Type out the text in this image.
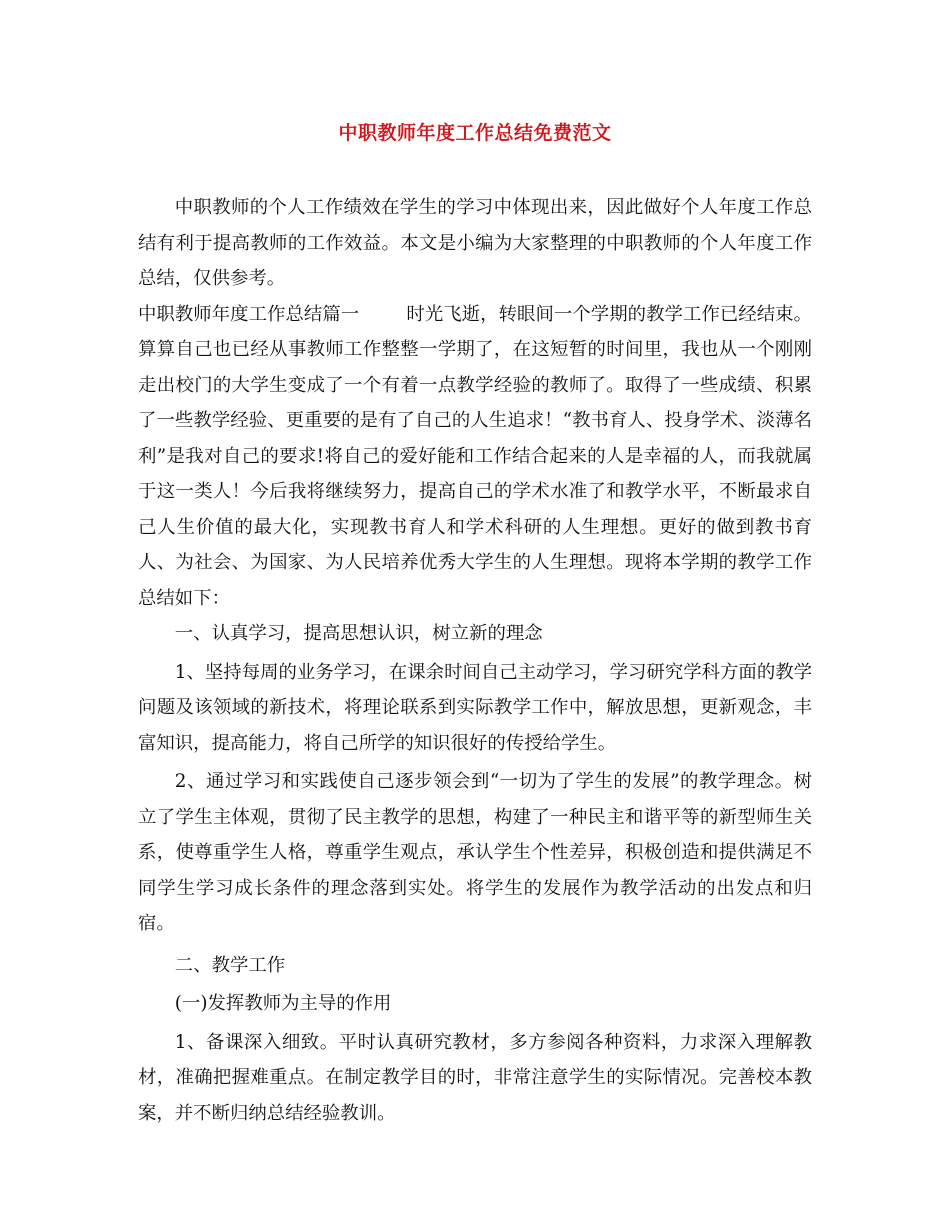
中职教师年度工作总结免费范文

中职教师的个人工作绩效在学生的学习中体现出来，因此做好个人年度工作总结有利于提高教师的工作效益。本文是小编为大家整理的中职教师的个人年度工作总结，仅供参考。

中职教师年度工作总结篇一	时光飞逝，转眼间一个学期的教学工作已经结束。算算自己也已经从事教师工作整整一学期了，在这短暂的时间里，我也从一个刚刚走出校门的大学生变成了一个有着一点教学经验的教师了。取得了一些成绩、积累了一些教学经验、更重要的是有了自己的人生追求！“教书育人、投身学术、淡薄名利”是我对自己的要求!将自己的爱好能和工作结合起来的人是幸福的人，而我就属于这一类人！今后我将继续努力，提高自己的学术水准了和教学水平，不断最求自己人生价值的最大化，实现教书育人和学术科研的人生理想。更好的做到教书育人、为社会、为国家、为人民培养优秀大学生的人生理想。现将本学期的教学工作总结如下：

一、认真学习，提高思想认识，树立新的理念

1、坚持每周的业务学习，在课余时间自己主动学习，学习研究学科方面的教学问题及该领域的新技术，将理论联系到实际教学工作中，解放思想，更新观念，丰富知识，提高能力，将自己所学的知识很好的传授给学生。

2、通过学习和实践使自己逐步领会到“一切为了学生的发展”的教学理念。树立了学生主体观，贯彻了民主教学的思想，构建了一种民主和谐平等的新型师生关系，使尊重学生人格，尊重学生观点，承认学生个性差异，积极创造和提供满足不同学生学习成长条件的理念落到实处。将学生的发展作为教学活动的出发点和归宿。

二、教学工作

(一)发挥教师为主导的作用

1、备课深入细致。平时认真研究教材，多方参阅各种资料，力求深入理解教材，准确把握难重点。在制定教学目的时，非常注意学生的实际情况。完善校本教案，并不断归纳总结经验教训。
